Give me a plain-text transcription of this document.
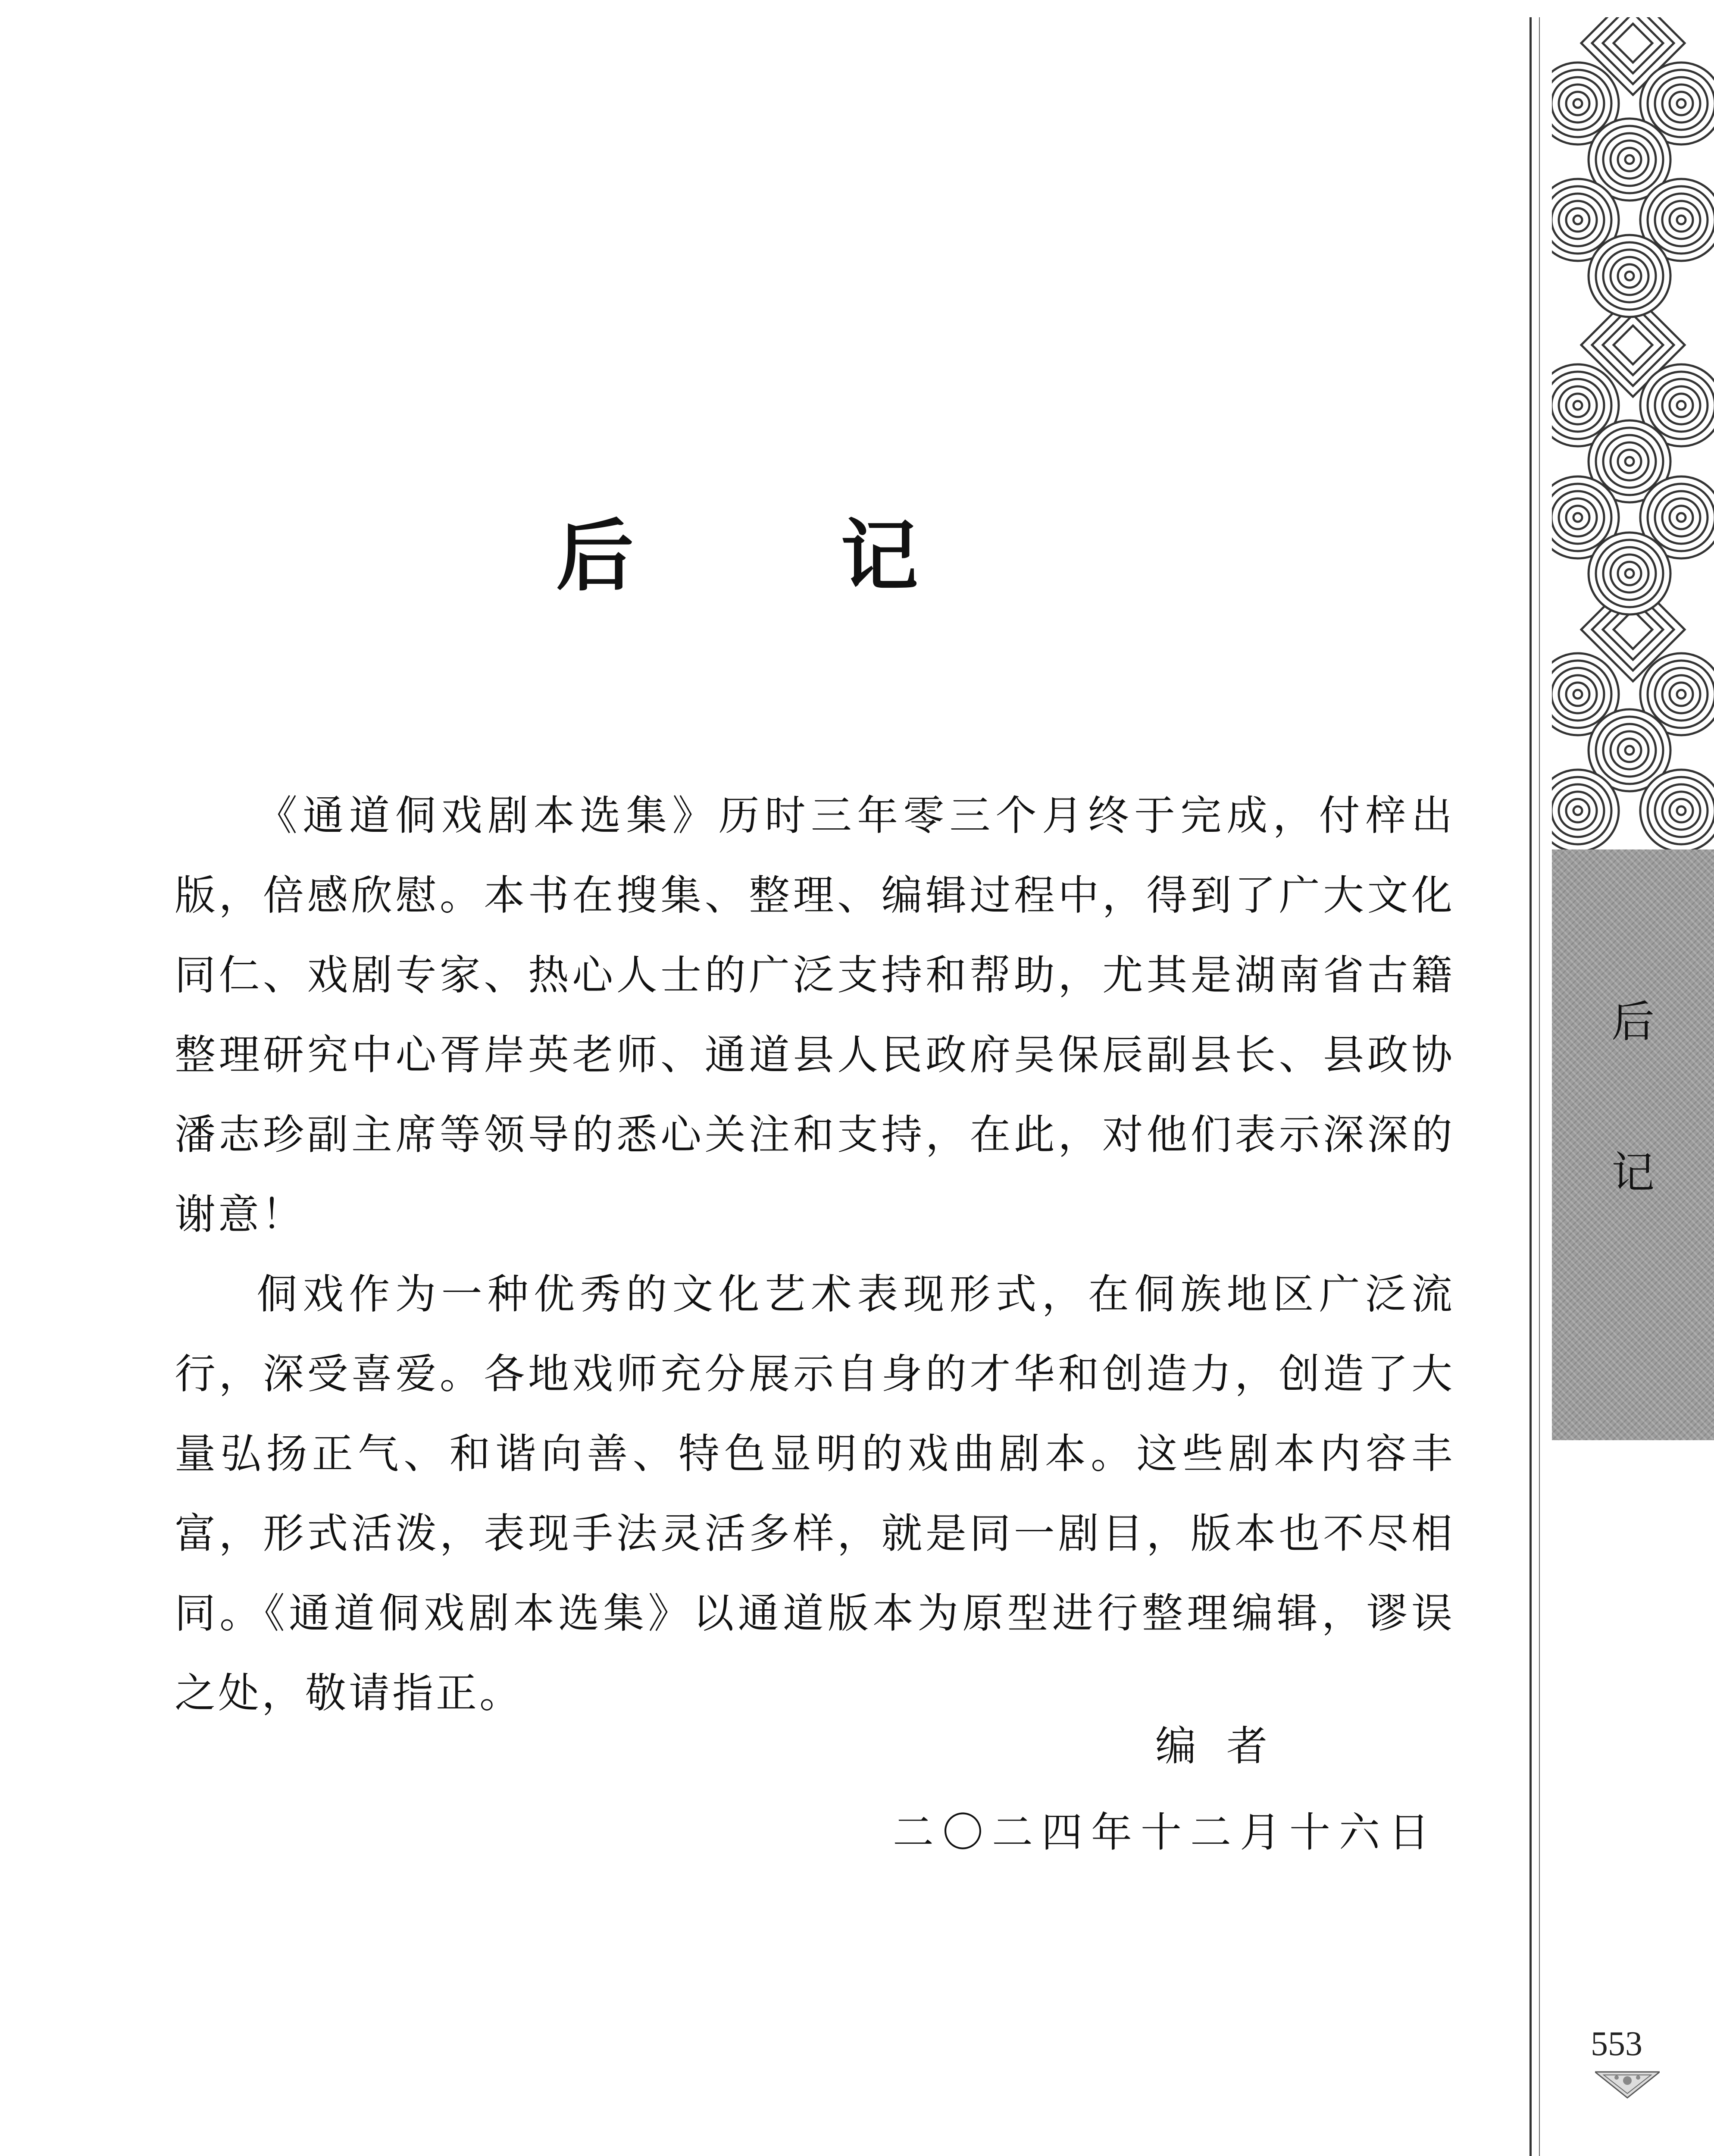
后　记

《通道侗戏剧本选集》历时三年零三个月终于完成，付梓出版，倍感欣慰。本书在搜集、整理、编辑过程中，得到了广大文化同仁、戏剧专家、热心人士的广泛支持和帮助，尤其是湖南省古籍整理研究中心胥岸英老师、通道县人民政府吴保辰副县长、县政协潘志珍副主席等领导的悉心关注和支持，在此，对他们表示深深的谢意！

侗戏作为一种优秀的文化艺术表现形式，在侗族地区广泛流行，深受喜爱。各地戏师充分展示自身的才华和创造力，创造了大量弘扬正气、和谐向善、特色显明的戏曲剧本。这些剧本内容丰富，形式活泼，表现手法灵活多样，就是同一剧目，版本也不尽相同。《通道侗戏剧本选集》以通道版本为原型进行整理编辑，谬误之处，敬请指正。

编者
二〇二四年十二月十六日
后
记
553
